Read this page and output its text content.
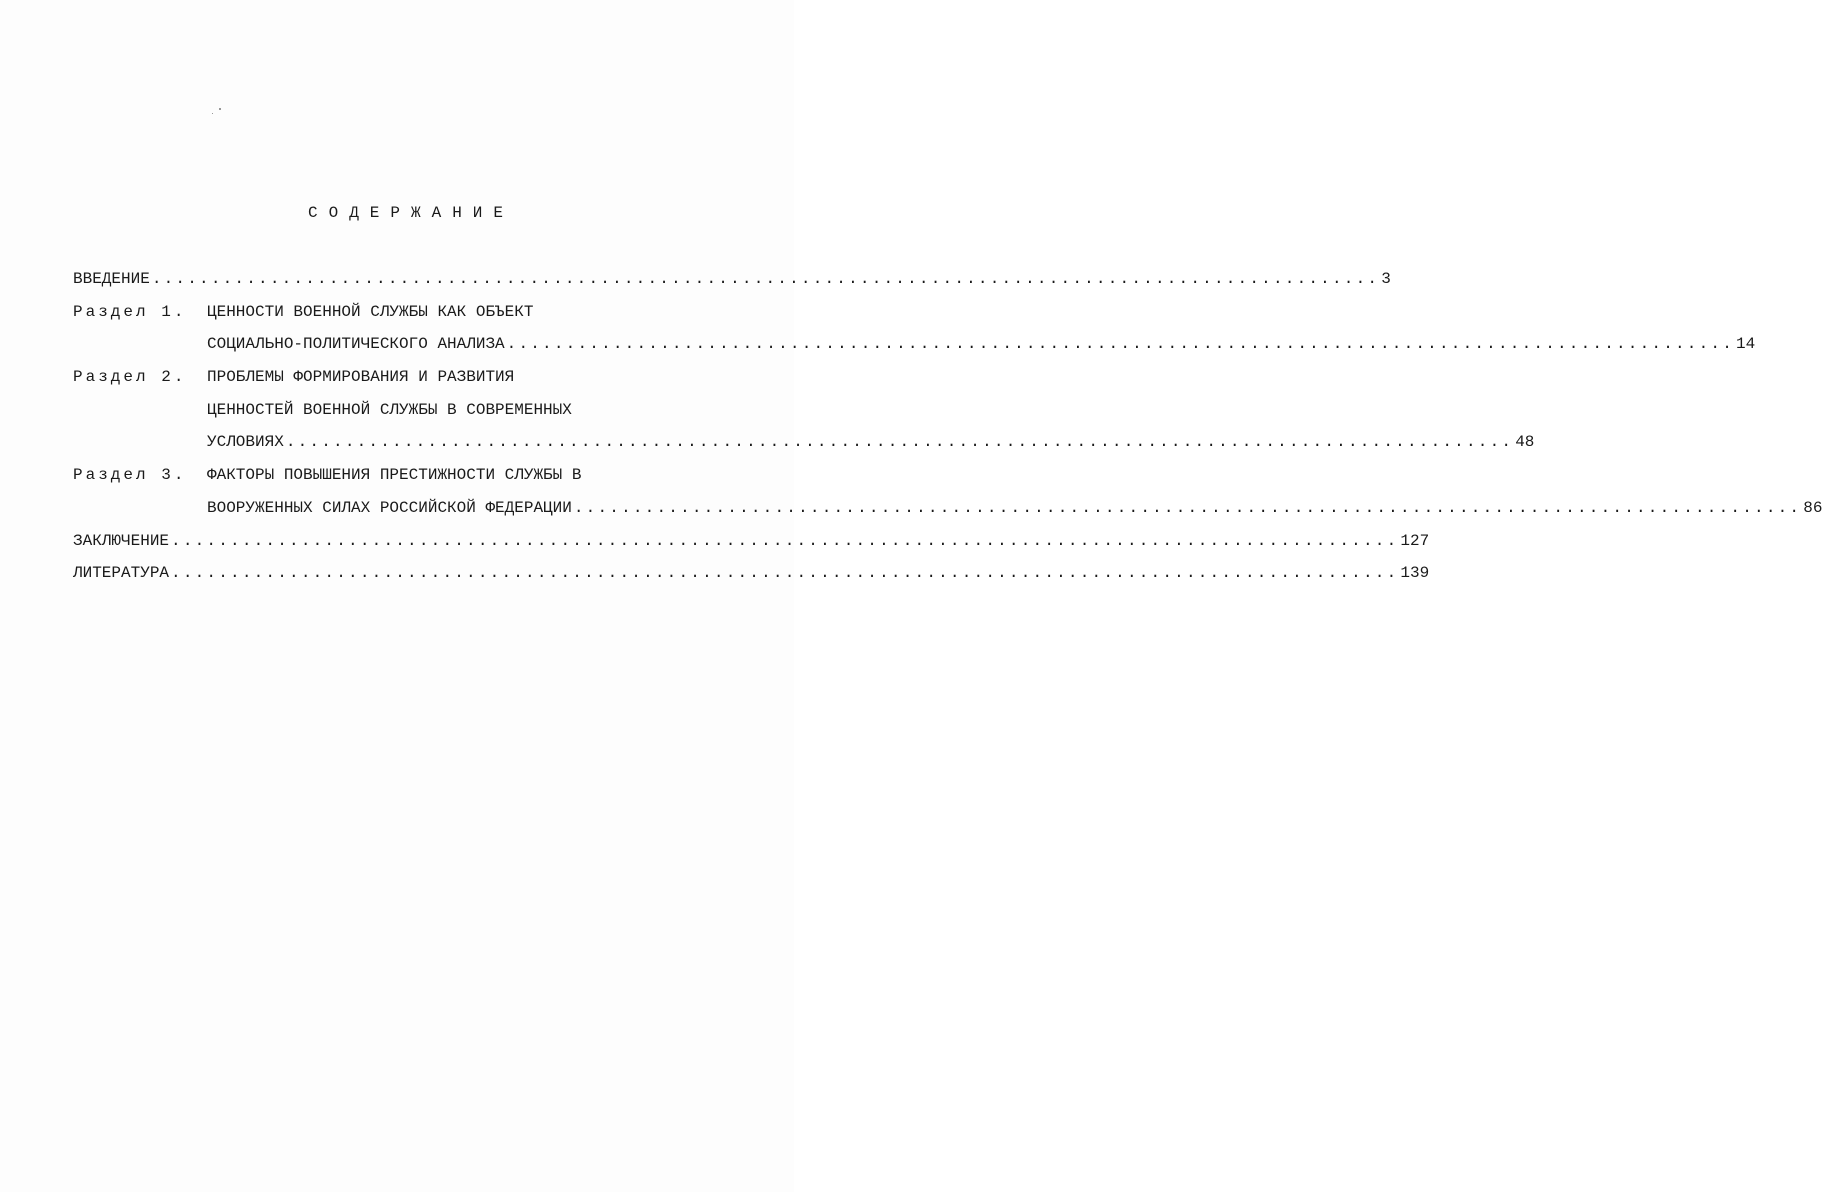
СОДЕРЖАНИЕ
ВВЕДЕНИЕ ........................................................................................................ 3
Раздел 1.	ЦЕННОСТИ ВОЕННОЙ СЛУЖБЫ КАК ОБЪЕКТ
СОЦИАЛЬНО-ПОЛИТИЧЕСКОГО АНАЛИЗА ........................................................................................................ 14
Раздел 2.	ПРОБЛЕМЫ ФОРМИРОВАНИЯ И РАЗВИТИЯ
ЦЕННОСТЕЙ ВОЕННОЙ СЛУЖБЫ В СОВРЕМЕННЫХ
УСЛОВИЯХ ........................................................................................................ 48
Раздел 3.	ФАКТОРЫ ПОВЫШЕНИЯ ПРЕСТИЖНОСТИ СЛУЖБЫ В
ВООРУЖЕННЫХ СИЛАХ РОССИЙСКОЙ ФЕДЕРАЦИИ ........................................................................................................ 86
ЗАКЛЮЧЕНИЕ ........................................................................................................ 127
ЛИТЕРАТУРА ........................................................................................................ 139
